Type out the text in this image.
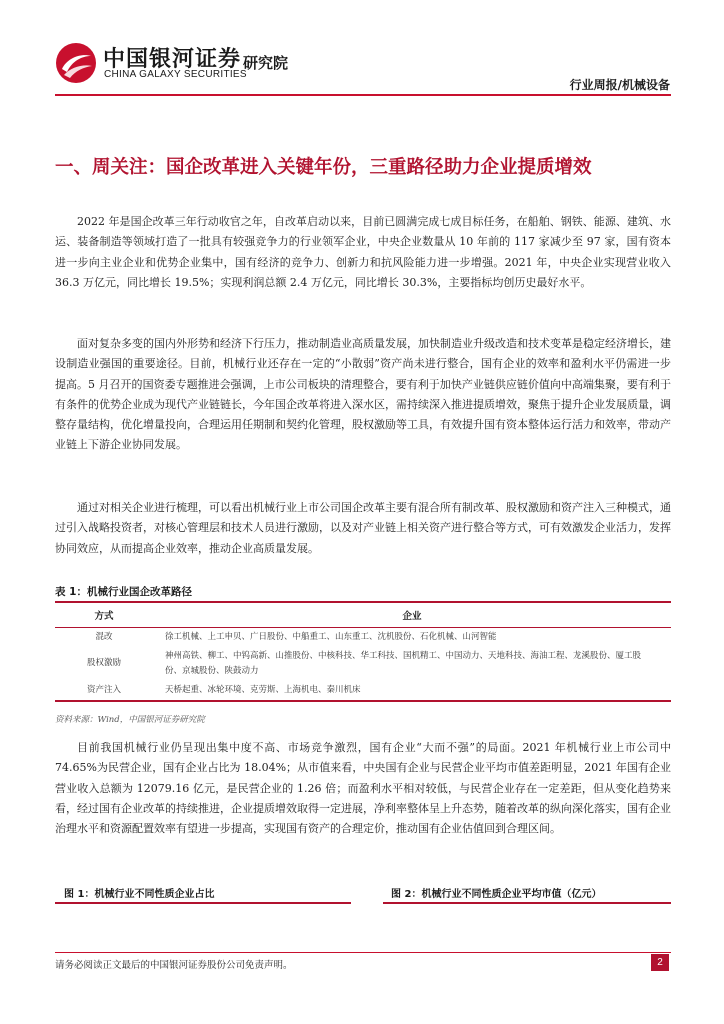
中国银河证券
CHINA GALAXY SECURITIES
研究院
行业周报/机械设备
一、周关注：国企改革进入关键年份，三重路径助力企业提质增效

2022 年是国企改革三年行动收官之年，自改革启动以来，目前已圆满完成七成目标任务，在船舶、钢铁、能源、建筑、水运、装备制造等领域打造了一批具有较强竞争力的行业领军企业，中央企业数量从 10 年前的 117 家减少至 97 家，国有资本进一步向主业企业和优势企业集中，国有经济的竞争力、创新力和抗风险能力进一步增强。2021 年，中央企业实现营业收入 36.3 万亿元，同比增长 19.5%；实现利润总额 2.4 万亿元，同比增长 30.3%，主要指标均创历史最好水平。

面对复杂多变的国内外形势和经济下行压力，推动制造业高质量发展，加快制造业升级改造和技术变革是稳定经济增长，建设制造业强国的重要途径。目前，机械行业还存在一定的“小散弱”资产尚未进行整合，国有企业的效率和盈利水平仍需进一步提高。5 月召开的国资委专题推进会强调，上市公司板块的清理整合，要有利于加快产业链供应链价值向中高端集聚，要有利于有条件的优势企业成为现代产业链链长，今年国企改革将进入深水区，需持续深入推进提质增效，聚焦于提升企业发展质量，调整存量结构，优化增量投向，合理运用任期制和契约化管理，股权激励等工具，有效提升国有资本整体运行活力和效率，带动产业链上下游企业协同发展。

通过对相关企业进行梳理，可以看出机械行业上市公司国企改革主要有混合所有制改革、股权激励和资产注入三种模式，通过引入战略投资者，对核心管理层和技术人员进行激励，以及对产业链上相关资产进行整合等方式，可有效激发企业活力，发挥协同效应，从而提高企业效率，推动企业高质量发展。

表 1：机械行业国企改革路径
方式	企业
混改	徐工机械、上工申贝、广日股份、中船重工、山东重工、沈机股份、石化机械、山河智能
股权激励	神州高铁、柳工、中钨高新、山推股份、中核科技、华工科技、国机精工、中国动力、天地科技、海油工程、龙溪股份、厦工股份、京城股份、陕鼓动力
资产注入	天桥起重、冰轮环境、克劳斯、上海机电、秦川机床
资料来源：Wind，中国银河证券研究院

目前我国机械行业仍呈现出集中度不高、市场竞争激烈，国有企业“大而不强”的局面。2021 年机械行业上市公司中 74.65%为民营企业，国有企业占比为 18.04%；从市值来看，中央国有企业与民营企业平均市值差距明显，2021 年国有企业营业收入总额为 12079.16 亿元，是民营企业的 1.26 倍；而盈利水平相对较低，与民营企业存在一定差距，但从变化趋势来看，经过国有企业改革的持续推进，企业提质增效取得一定进展，净利率整体呈上升态势，随着改革的纵向深化落实，国有企业治理水平和资源配置效率有望进一步提高，实现国有资产的合理定价，推动国有企业估值回到合理区间。

图 1：机械行业不同性质企业占比	图 2：机械行业不同性质企业平均市值（亿元）
请务必阅读正文最后的中国银河证券股份公司免责声明。	2
